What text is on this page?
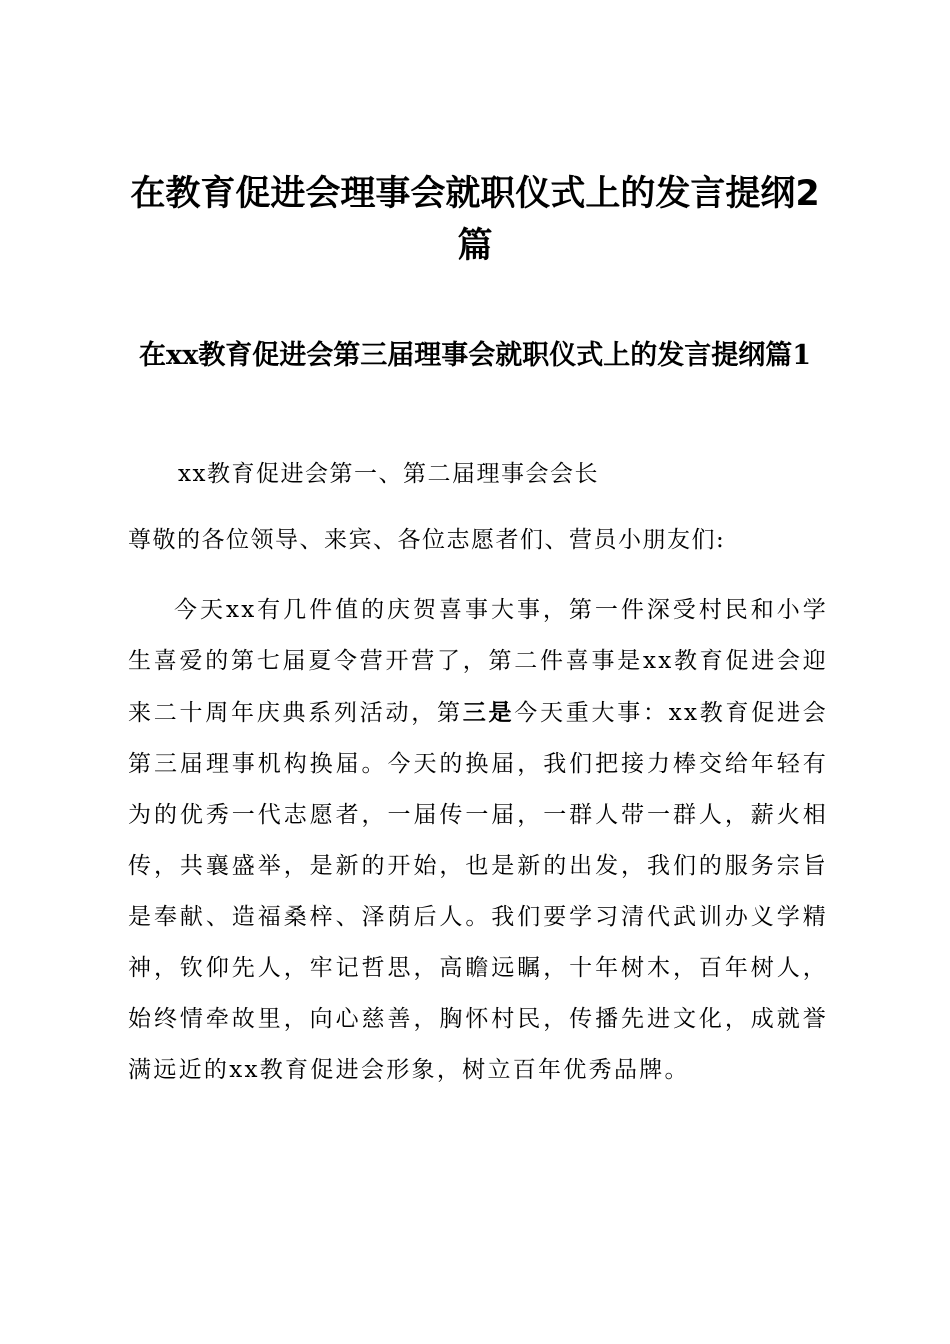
在教育促进会理事会就职仪式上的发言提纲2篇
在xx教育促进会第三届理事会就职仪式上的发言提纲篇1

xx教育促进会第一、第二届理事会会长

尊敬的各位领导、来宾、各位志愿者们、营员小朋友们:

今天xx有几件值的庆贺喜事大事，第一件深受村民和小学生喜爱的第七届夏令营开营了，第二件喜事是xx教育促进会迎来二十周年庆典系列活动，第三是今天重大事：xx教育促进会第三届理事机构换届。今天的换届，我们把接力棒交给年轻有为的优秀一代志愿者，一届传一届，一群人带一群人，薪火相传，共襄盛举，是新的开始，也是新的出发，我们的服务宗旨是奉献、造福桑梓、泽荫后人。我们要学习清代武训办义学精神，钦仰先人，牢记哲思，高瞻远瞩，十年树木，百年树人，始终情牵故里，向心慈善，胸怀村民，传播先进文化，成就誉满远近的xx教育促进会形象，树立百年优秀品牌。
